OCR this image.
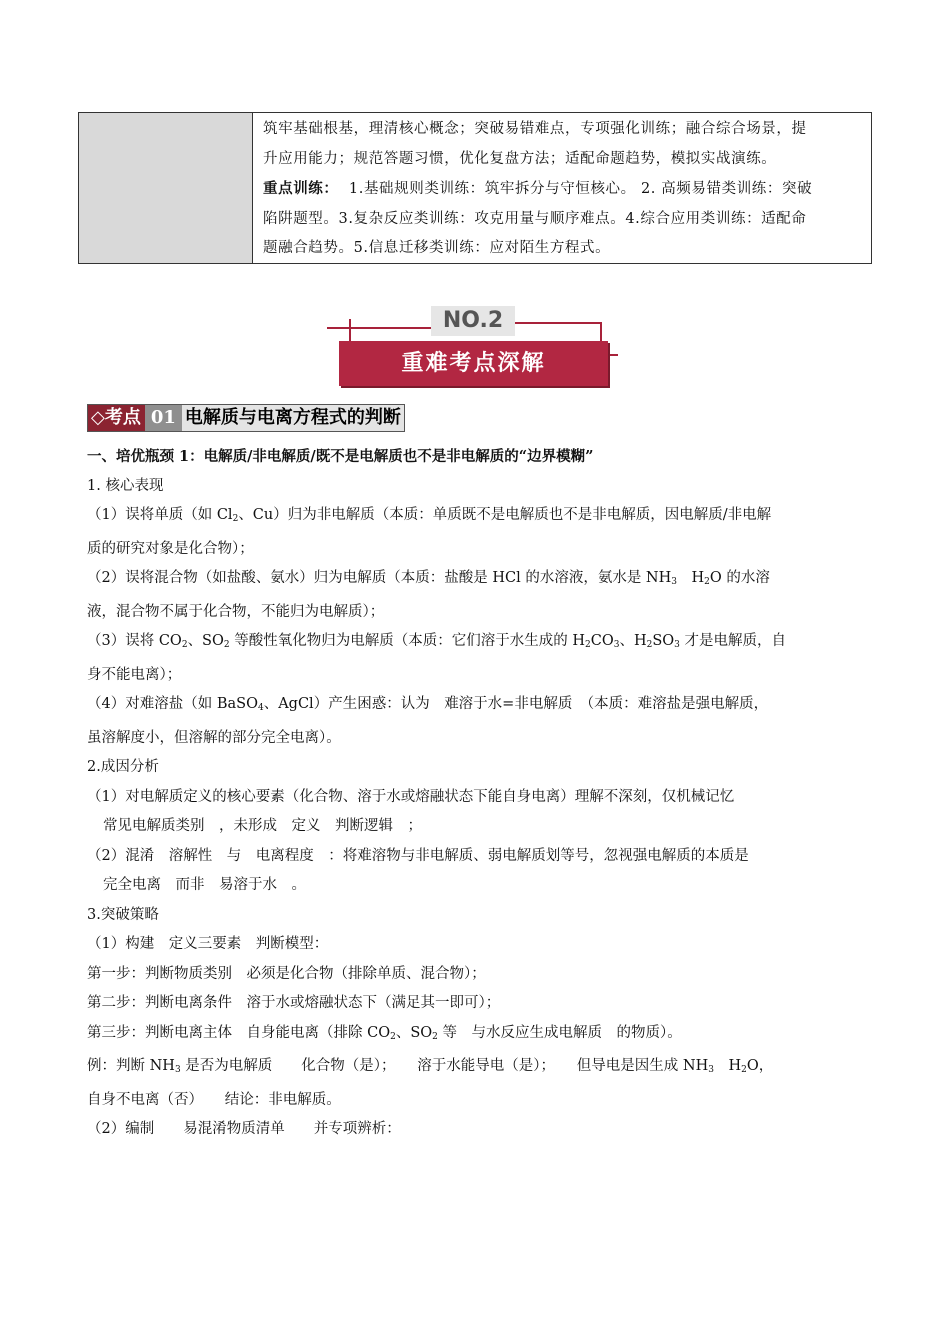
筑牢基础根基，理清核心概念；突破易错难点，专项强化训练；融合综合场景，提
升应用能力；规范答题习惯，优化复盘方法；适配命题趋势，模拟实战演练。
重点训练： 1.基础规则类训练：筑牢拆分与守恒核心。 2. 高频易错类训练：突破
陷阱题型。3.复杂反应类训练：攻克用量与顺序难点。4.综合应用类训练：适配命
题融合趋势。5.信息迁移类训练：应对陌生方程式。
NO.2
重难考点深解
◇考点 01 电解质与电离方程式的判断

一、培优瓶颈 1：电解质/非电解质/既不是电解质也不是非电解质的“边界模糊”

1. 核心表现

（1）误将单质（如 $Cl_2$、Cu）归为非电解质（本质：单质既不是电解质也不是非电解质，因电解质/非电解

质的研究对象是化合物）；

（2）误将混合物（如盐酸、氨水）归为电解质（本质：盐酸是 HCl 的水溶液，氨水是 $NH_3$　$H_2O$ 的水溶

液，混合物不属于化合物，不能归为电解质）；

（3）误将 $CO_2$、$SO_2$ 等酸性氧化物归为电解质（本质：它们溶于水生成的 $H_2CO_3$、$H_2SO_3$ 才是电解质，自

身不能电离）；

（4）对难溶盐（如 BaSO$_4$、AgCl）产生困惑：认为　难溶于水=非电解质　（本质：难溶盐是强电解质，

虽溶解度小，但溶解的部分完全电离）。

2.成因分析

（1）对电解质定义的核心要素（化合物、溶于水或熔融状态下能自身电离）理解不深刻，仅机械记忆

常见电解质类别　，未形成　定义　判断逻辑　；

（2）混淆　溶解性　与　电离程度　：将难溶物与非电解质、弱电解质划等号，忽视强电解质的本质是

完全电离　而非　易溶于水　。

3.突破策略

（1）构建　定义三要素　判断模型：

第一步：判断物质类别　必须是化合物（排除单质、混合物）；

第二步：判断电离条件　溶于水或熔融状态下（满足其一即可）；

第三步：判断电离主体　自身能电离（排除 $CO_2$、$SO_2$ 等　与水反应生成电解质　的物质）。

例：判断 $NH_3$ 是否为电解质　　化合物（是）；　　溶于水能导电（是）；　　但导电是因生成 $NH_3$　$H_2O$，

自身不电离（否）　　结论：非电解质。

（2）编制　　易混淆物质清单　　并专项辨析：
